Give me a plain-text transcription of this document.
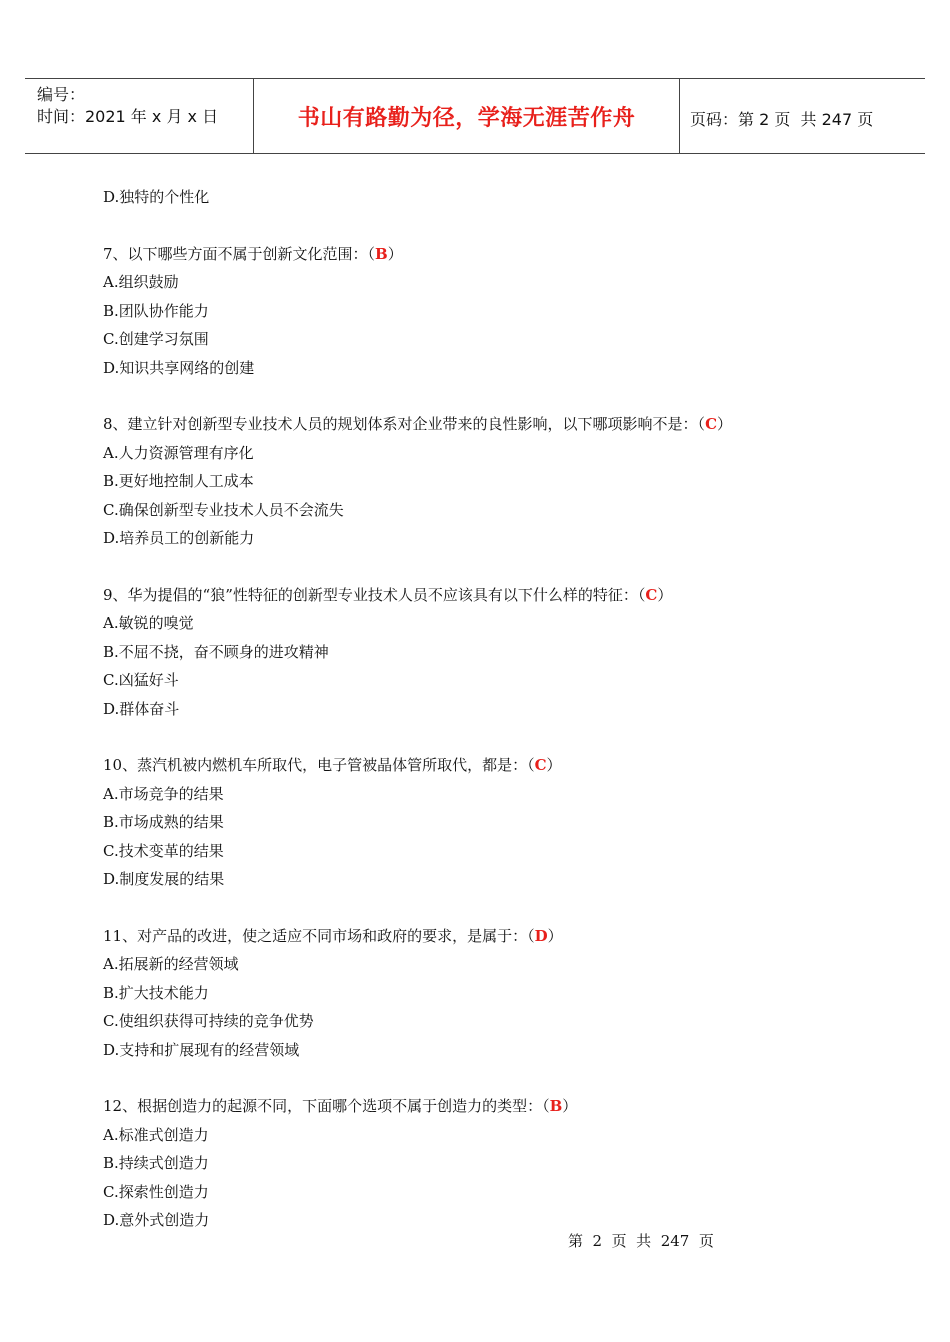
编号：
时间：2021 年 x 月 x 日	书山有路勤为径，学海无涯苦作舟	页码：第 2 页  共 247 页
D.独特的个性化
7、以下哪些方面不属于创新文化范围：（B）
A.组织鼓励
B.团队协作能力
C.创建学习氛围
D.知识共享网络的创建
8、建立针对创新型专业技术人员的规划体系对企业带来的良性影响，以下哪项影响不是：（C）
A.人力资源管理有序化
B.更好地控制人工成本
C.确保创新型专业技术人员不会流失
D.培养员工的创新能力
9、华为提倡的“狼”性特征的创新型专业技术人员不应该具有以下什么样的特征：（C）
A.敏锐的嗅觉
B.不屈不挠，奋不顾身的进攻精神
C.凶猛好斗
D.群体奋斗
10、蒸汽机被内燃机车所取代，电子管被晶体管所取代，都是：（C）
A.市场竞争的结果
B.市场成熟的结果
C.技术变革的结果
D.制度发展的结果
11、对产品的改进，使之适应不同市场和政府的要求，是属于：（D）
A.拓展新的经营领域
B.扩大技术能力
C.使组织获得可持续的竞争优势
D.支持和扩展现有的经营领域
12、根据创造力的起源不同，下面哪个选项不属于创造力的类型：（B）
A.标准式创造力
B.持续式创造力
C.探索性创造力
D.意外式创造力
第  2  页  共  247  页
